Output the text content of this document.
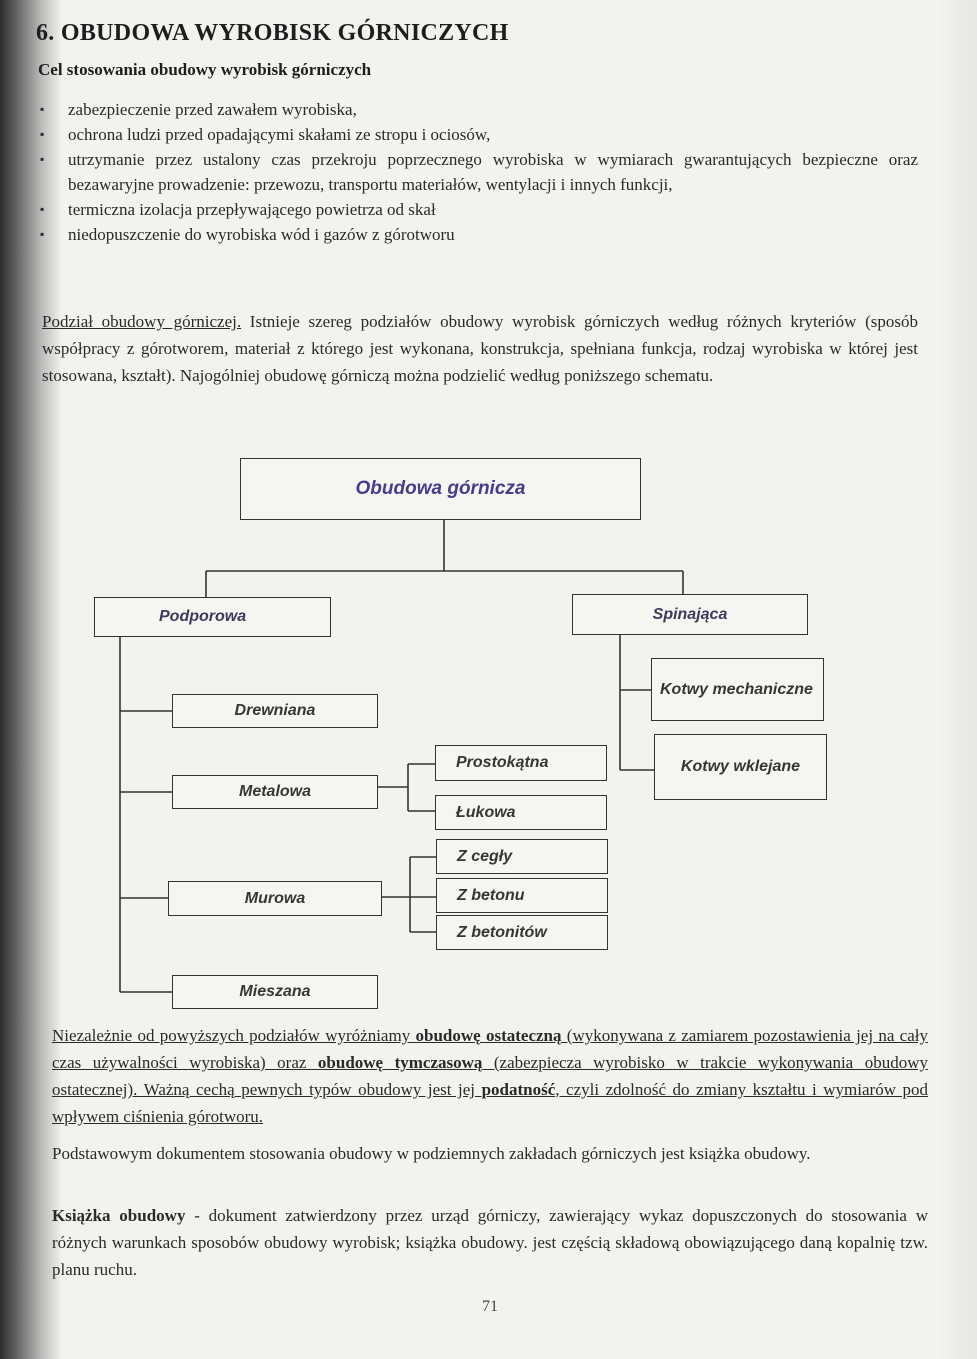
6. OBUDOWA WYROBISK GÓRNICZYCH
Cel stosowania obudowy wyrobisk górniczych
▪ zabezpieczenie przed zawałem wyrobiska,
▪ ochrona ludzi przed opadającymi skałami ze stropu i ociosów,
▪ utrzymanie przez ustalony czas przekroju poprzecznego wyrobiska w wymiarach gwarantujących bezpieczne oraz bezawaryjne prowadzenie: przewozu, transportu materiałów, wentylacji i innych funkcji,
▪ termiczna izolacja przepływającego powietrza od skał
▪ niedopuszczenie do wyrobiska wód i gazów z górotworu

Podział obudowy górniczej. Istnieje szereg podziałów obudowy wyrobisk górniczych według różnych kryteriów (sposób współpracy z górotworem, materiał z którego jest wykonana, konstrukcja, spełniana funkcja, rodzaj wyrobiska w której jest stosowana, kształt). Najogólniej obudowę górniczą można podzielić według poniższego schematu.

Obudowa górnicza
Podporowa	Spinająca
Drewniana
Metalowa
Murowa
Mieszana
Prostokątna
Łukowa
Z cegły
Z betonu
Z betonitów
Kotwy mechaniczne
Kotwy wklejane

Niezależnie od powyższych podziałów wyróżniamy obudowę ostateczną (wykonywana z zamiarem pozostawienia jej na cały czas używalności wyrobiska) oraz obudowę tymczasową (zabezpiecza wyrobisko w trakcie wykonywania obudowy ostatecznej). Ważną cechą pewnych typów obudowy jest jej podatność, czyli zdolność do zmiany kształtu i wymiarów pod wpływem ciśnienia górotworu.

Podstawowym dokumentem stosowania obudowy w podziemnych zakładach górniczych jest książka obudowy.

Książka obudowy - dokument zatwierdzony przez urząd górniczy, zawierający wykaz dopuszczonych do stosowania w różnych warunkach sposobów obudowy wyrobisk; książka obudowy. jest częścią składową obowiązującego daną kopalnię tzw. planu ruchu.

71
